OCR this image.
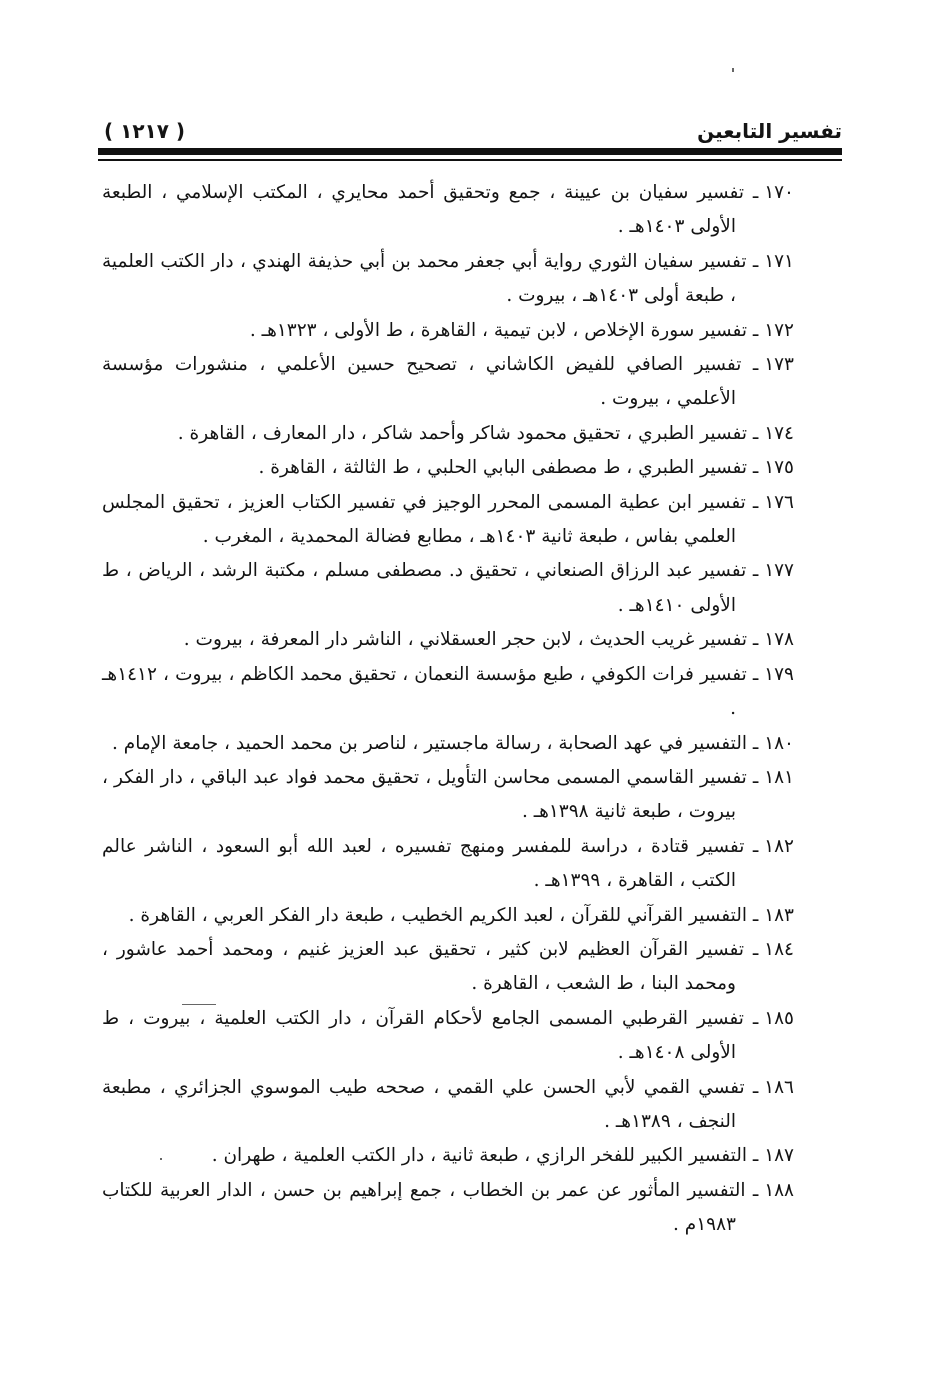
تفسير التابعين
( ١٢١٧ )
١٧٠ ـ تفسير سفيان بن عيينة ، جمع وتحقيق أحمد محايري ، المكتب الإسلامي ، الطبعة الأولى ١٤٠٣هـ .
١٧١ ـ تفسير سفيان الثوري رواية أبي جعفر محمد بن أبي حذيفة الهندي ، دار الكتب العلمية ، طبعة أولى ١٤٠٣هـ ، بيروت .
١٧٢ ـ تفسير سورة الإخلاص ، لابن تيمية ، القاهرة ، ط الأولى ، ١٣٢٣هـ .
١٧٣ ـ تفسير الصافي للفيض الكاشاني ، تصحيح حسين الأعلمي ، منشورات مؤسسة الأعلمي ، بيروت .
١٧٤ ـ تفسير الطبري ، تحقيق محمود شاكر وأحمد شاكر ، دار المعارف ، القاهرة .
١٧٥ ـ تفسير الطبري ، ط مصطفى البابي الحلبي ، ط الثالثة ، القاهرة .
١٧٦ ـ تفسير ابن عطية المسمى المحرر الوجيز في تفسير الكتاب العزيز ، تحقيق المجلس العلمي بفاس ، طبعة ثانية ١٤٠٣هـ ، مطابع فضالة المحمدية ، المغرب .
١٧٧ ـ تفسير عبد الرزاق الصنعاني ، تحقيق د. مصطفى مسلم ، مكتبة الرشد ، الرياض ، ط الأولى ١٤١٠هـ .
١٧٨ ـ تفسير غريب الحديث ، لابن حجر العسقلاني ، الناشر دار المعرفة ، بيروت .
١٧٩ ـ تفسير فرات الكوفي ، طبع مؤسسة النعمان ، تحقيق محمد الكاظم ، بيروت ، ١٤١٢هـ .
١٨٠ ـ التفسير في عهد الصحابة ، رسالة ماجستير ، لناصر بن محمد الحميد ، جامعة الإمام .
١٨١ ـ تفسير القاسمي المسمى محاسن التأويل ، تحقيق محمد فواد عبد الباقي ، دار الفكر ، بيروت ، طبعة ثانية ١٣٩٨هـ .
١٨٢ ـ تفسير قتادة ، دراسة للمفسر ومنهج تفسيره ، لعبد الله أبو السعود ، الناشر عالم الكتب ، القاهرة ، ١٣٩٩هـ .
١٨٣ ـ التفسير القرآني للقرآن ، لعبد الكريم الخطيب ، طبعة دار الفكر العربي ، القاهرة .
١٨٤ ـ تفسير القرآن العظيم لابن كثير ، تحقيق عبد العزيز غنيم ، ومحمد أحمد عاشور ، ومحمد البنا ، ط الشعب ، القاهرة .
١٨٥ ـ تفسير القرطبي المسمى الجامع لأحكام القرآن ، دار الكتب العلمية ، بيروت ، ط الأولى ١٤٠٨هـ .
١٨٦ ـ تفسي القمي لأبي الحسن علي القمي ، صححه طيب الموسوي الجزائري ، مطبعة النجف ، ١٣٨٩هـ .
١٨٧ ـ التفسير الكبير للفخر الرازي ، طبعة ثانية ، دار الكتب العلمية ، طهران .
١٨٨ ـ التفسير المأثور عن عمر بن الخطاب ، جمع إبراهيم بن حسن ، الدار العربية للكتاب ١٩٨٣م .
